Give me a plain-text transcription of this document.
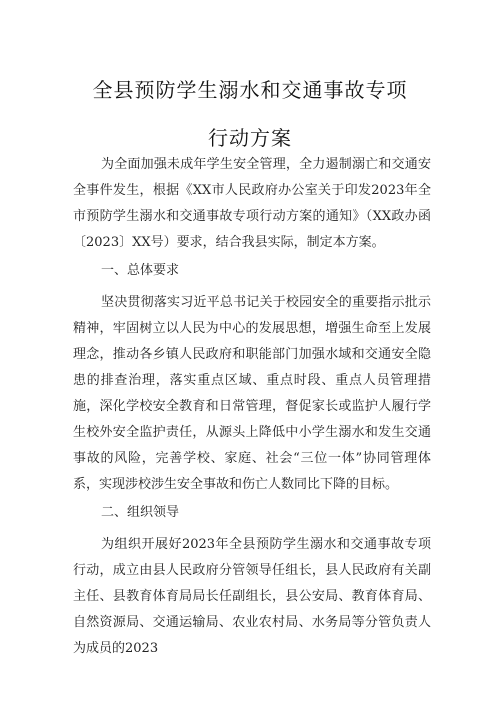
全县预防学生溺水和交通事故专项
行动方案

为全面加强未成年学生安全管理，全力遏制溺亡和交通安全事件发生，根据《XX市人民政府办公室关于印发2023年全市预防学生溺水和交通事故专项行动方案的通知》（XX政办函〔2023〕XX号）要求，结合我县实际，制定本方案。

一、总体要求

坚决贯彻落实习近平总书记关于校园安全的重要指示批示精神，牢固树立以人民为中心的发展思想，增强生命至上发展理念，推动各乡镇人民政府和职能部门加强水域和交通安全隐患的排查治理，落实重点区域、重点时段、重点人员管理措施，深化学校安全教育和日常管理，督促家长或监护人履行学生校外安全监护责任，从源头上降低中小学生溺水和发生交通事故的风险，完善学校、家庭、社会“三位一体”协同管理体系，实现涉校涉生安全事故和伤亡人数同比下降的目标。

二、组织领导

为组织开展好2023年全县预防学生溺水和交通事故专项行动，成立由县人民政府分管领导任组长，县人民政府有关副主任、县教育体育局局长任副组长，县公安局、教育体育局、自然资源局、交通运输局、农业农村局、水务局等分管负责人为成员的2023
